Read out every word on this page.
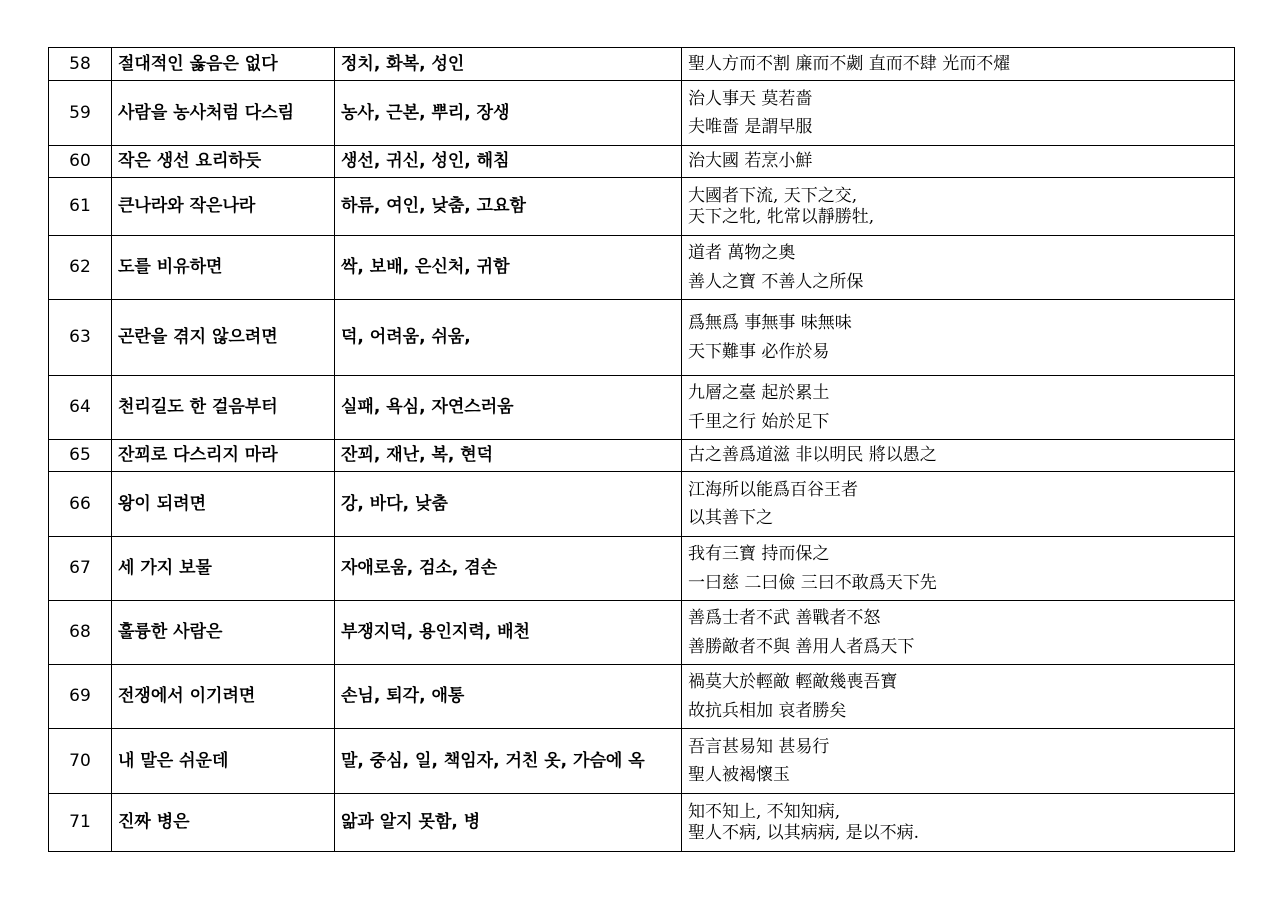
58	절대적인 옳음은 없다	정치, 화복, 성인	聖人方而不割 廉而不劌 直而不肆 光而不燿

59	사람을 농사처럼 다스림	농사, 근본, 뿌리, 장생	治人事天 莫若嗇
夫唯嗇 是謂早服

60	작은 생선 요리하듯	생선, 귀신, 성인, 해침	治大國 若烹小鮮

61	큰나라와 작은나라	하류, 여인, 낮춤, 고요함	大國者下流, 天下之交,
天下之牝, 牝常以靜勝牡,

62	도를 비유하면	싹, 보배, 은신처, 귀함	道者 萬物之奧
善人之寶 不善人之所保

63	곤란을 겪지 않으려면	덕, 어려움, 쉬움,	爲無爲 事無事 味無味
天下難事 必作於易

64	천리길도 한 걸음부터	실패, 욕심, 자연스러움	九層之臺 起於累土
千里之行 始於足下

65	잔꾀로 다스리지 마라	잔꾀, 재난, 복, 현덕	古之善爲道滋 非以明民 將以愚之

66	왕이 되려면	강, 바다, 낮춤	江海所以能爲百谷王者
以其善下之

67	세 가지 보물	자애로움, 검소, 겸손	我有三寶 持而保之
一曰慈 二曰儉 三曰不敢爲天下先

68	훌륭한 사람은	부쟁지덕, 용인지력, 배천	善爲士者不武 善戰者不怒
善勝敵者不與 善用人者爲天下

69	전쟁에서 이기려면	손님, 퇴각, 애통	禍莫大於輕敵 輕敵幾喪吾寶
故抗兵相加 哀者勝矣

70	내 말은 쉬운데	말, 중심, 일, 책임자, 거친 옷, 가슴에 옥	吾言甚易知 甚易行
聖人被褐懷玉

71	진짜 병은	앎과 알지 못함, 병	知不知上, 不知知病,
聖人不病, 以其病病, 是以不病.
